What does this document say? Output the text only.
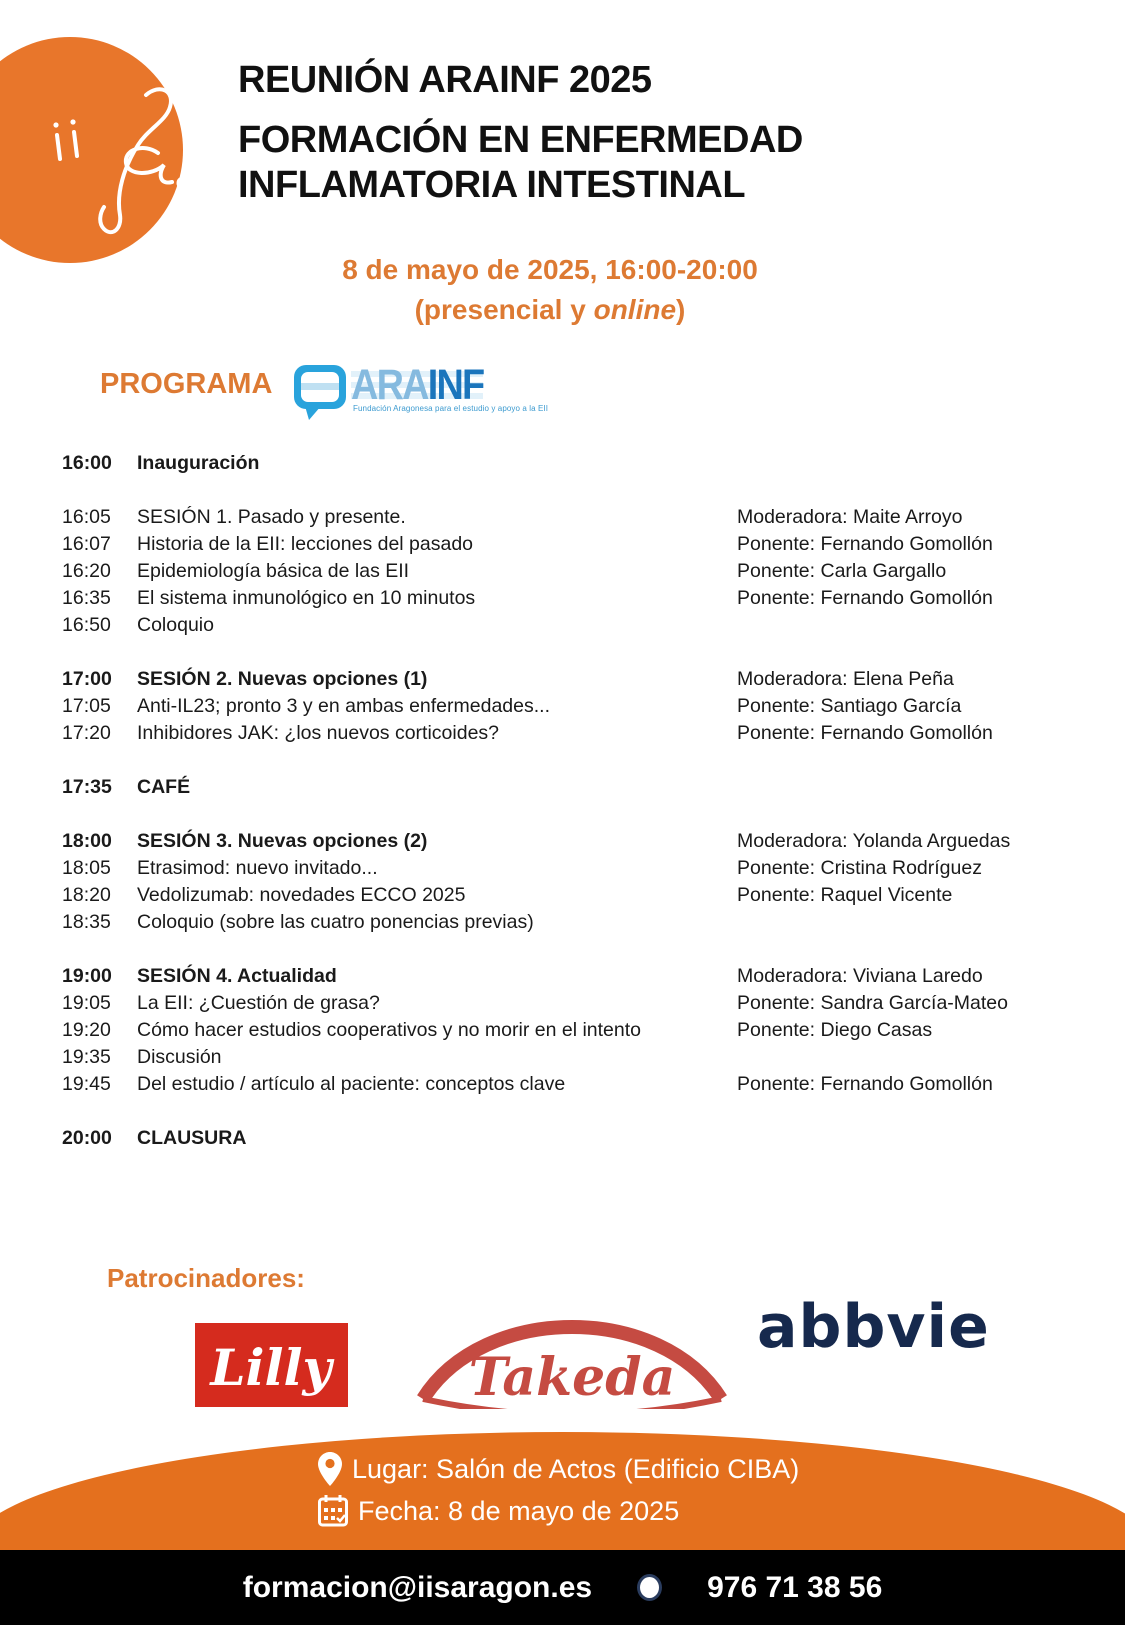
REUNIÓN ARAINF 2025
FORMACIÓN EN ENFERMEDAD
INFLAMATORIA INTESTINAL
8 de mayo de 2025, 16:00-20:00
(presencial y online)
PROGRAMA ARAINF
Fundación Aragonesa para el estudio y apoyo a la EII
16:00	Inauguración
16:05	SESIÓN 1. Pasado y presente.	Moderadora: Maite Arroyo
16:07	Historia de la EII: lecciones del pasado	Ponente: Fernando Gomollón
16:20	Epidemiología básica de las EII	Ponente: Carla Gargallo
16:35	El sistema inmunológico en 10 minutos	Ponente: Fernando Gomollón
16:50	Coloquio
17:00	SESIÓN 2. Nuevas opciones (1)	Moderadora: Elena Peña
17:05	Anti-IL23; pronto 3 y en ambas enfermedades...	Ponente: Santiago García
17:20	Inhibidores JAK: ¿los nuevos corticoides?	Ponente: Fernando Gomollón
17:35	CAFÉ
18:00	SESIÓN 3. Nuevas opciones (2)	Moderadora: Yolanda Arguedas
18:05	Etrasimod: nuevo invitado...	Ponente: Cristina Rodríguez
18:20	Vedolizumab: novedades ECCO 2025	Ponente: Raquel Vicente
18:35	Coloquio (sobre las cuatro ponencias previas)
19:00	SESIÓN 4. Actualidad	Moderadora: Viviana Laredo
19:05	La EII: ¿Cuestión de grasa?	Ponente: Sandra García-Mateo
19:20	Cómo hacer estudios cooperativos y no morir en el intento	Ponente: Diego Casas
19:35	Discusión
19:45	Del estudio / artículo al paciente: conceptos clave	Ponente: Fernando Gomollón
20:00	CLAUSURA
Patrocinadores:
Lilly	Takeda
abbvie
Lugar: Salón de Actos (Edificio CIBA)
Fecha: 8 de mayo de 2025
formacion@iisaragon.es	976 71 38 56
